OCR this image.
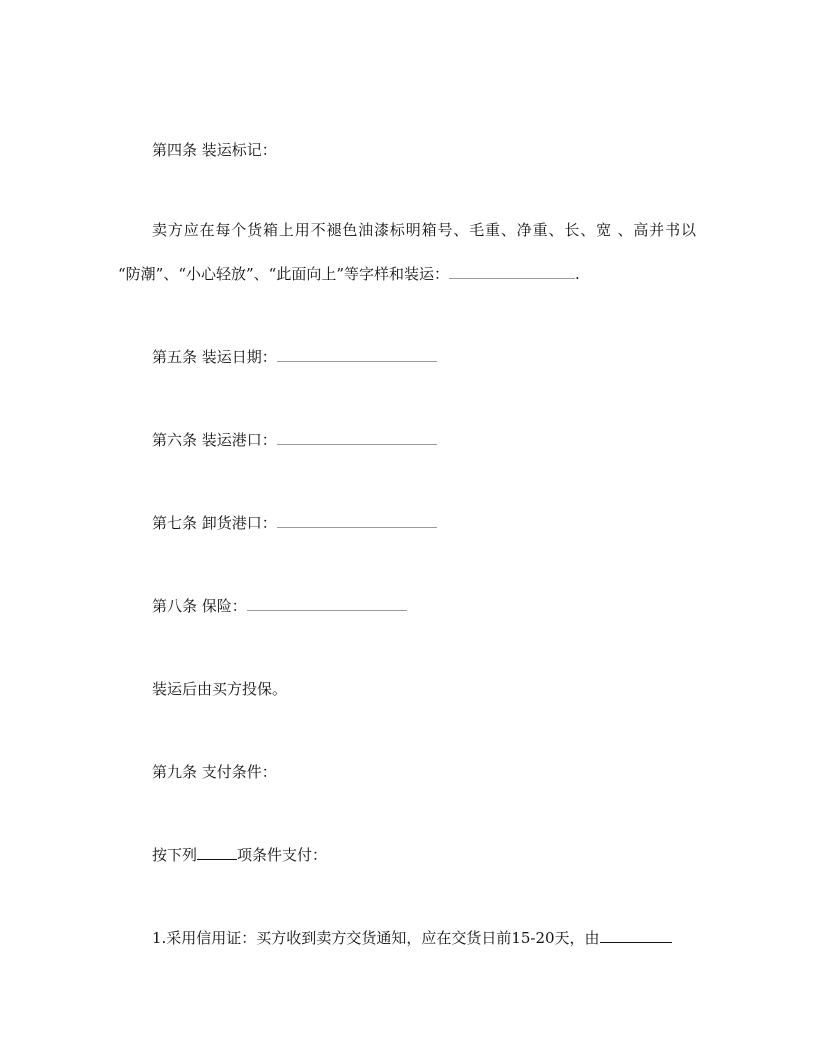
第四条 装运标记：
卖方应在每个货箱上用不褪色油漆标明箱号、毛重、净重、长、宽 、高并书以
“防潮”、“小心轻放”、“此面向上”等字样和装运：	.
第五条 装运日期：
第六条 装运港口：
第七条 卸货港口：
第八条 保险：
装运后由买方投保。
第九条 支付条件：
按下列	项条件支付：
1.采用信用证：买方收到卖方交货通知，应在交货日前15-20天，由
